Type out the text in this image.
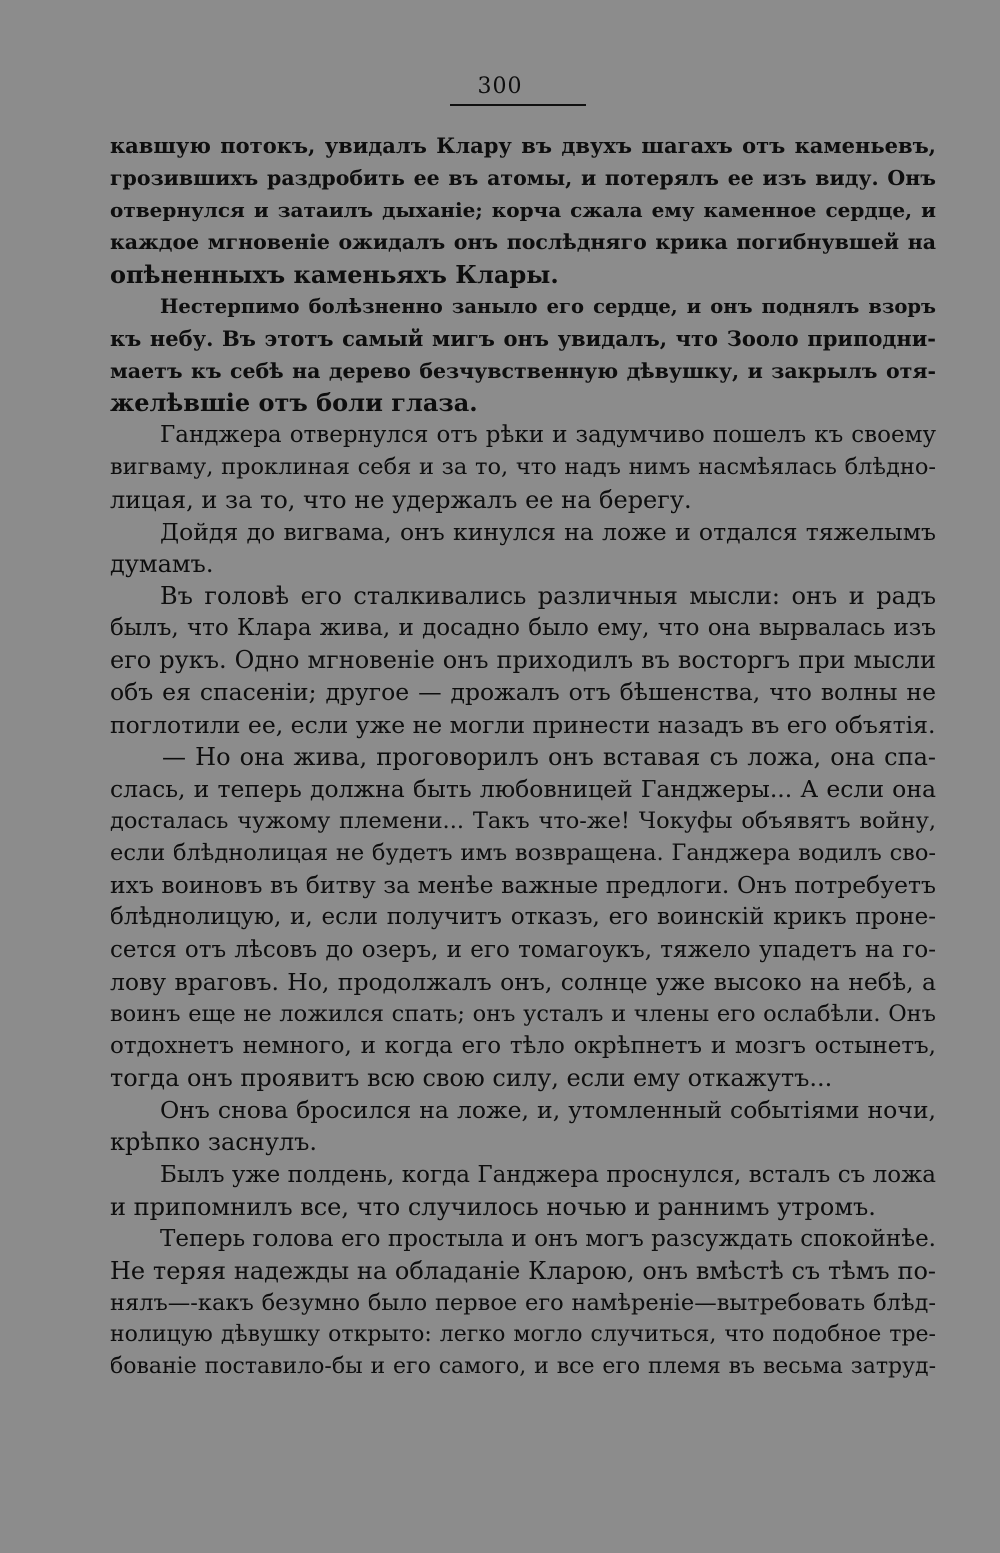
300
кавшую потокъ, увидалъ Клару въ двухъ шагахъ отъ каменьевъ,
грозившихъ раздробить ее въ атомы, и потерялъ ее изъ виду. Онъ
отвернулся и затаилъ дыханіе; корча сжала ему каменное сердце, и
каждое мгновеніе ожидалъ онъ послѣдняго крика погибнувшей на
опѣненныхъ каменьяхъ Клары.
Нестерпимо болѣзненно заныло его сердце, и онъ поднялъ взоръ
къ небу. Въ этотъ самый мигъ онъ увидалъ, что Зооло приподни-
маетъ къ себѣ на дерево безчувственную дѣвушку, и закрылъ отя-
желѣвшіе отъ боли глаза.
Ганджера отвернулся отъ рѣки и задумчиво пошелъ къ своему
вигваму, проклиная себя и за то, что надъ нимъ насмѣялась блѣдно-
лицая, и за то, что не удержалъ ее на берегу.
Дойдя до вигвама, онъ кинулся на ложе и отдался тяжелымъ
думамъ.
Въ головѣ его сталкивались различныя мысли: онъ и радъ
былъ, что Клара жива, и досадно было ему, что она вырвалась изъ
его рукъ. Одно мгновеніе онъ приходилъ въ восторгъ при мысли
объ ея спасеніи; другое — дрожалъ отъ бѣшенства, что волны не
поглотили ее, если уже не могли принести назадъ въ его объятія.
— Но она жива, проговорилъ онъ вставая съ ложа, она спа-
слась, и теперь должна быть любовницей Ганджеры... А если она
досталась чужому племени... Такъ что-же! Чокуфы объявятъ войну,
если блѣднолицая не будетъ имъ возвращена. Ганджера водилъ сво-
ихъ воиновъ въ битву за менѣе важные предлоги. Онъ потребуетъ
блѣднолицую, и, если получитъ отказъ, его воинскій крикъ проне-
сется отъ лѣсовъ до озеръ, и его томагоукъ, тяжело упадетъ на го-
лову враговъ. Но, продолжалъ онъ, солнце уже высоко на небѣ, а
воинъ еще не ложился спать; онъ усталъ и члены его ослабѣли. Онъ
отдохнетъ немного, и когда его тѣло окрѣпнетъ и мозгъ остынетъ,
тогда онъ проявитъ всю свою силу, если ему откажутъ...
Онъ снова бросился на ложе, и, утомленный событіями ночи,
крѣпко заснулъ.
Былъ уже полдень, когда Ганджера проснулся, всталъ съ ложа
и припомнилъ все, что случилось ночью и раннимъ утромъ.
Теперь голова его простыла и онъ могъ разсуждать спокойнѣе.
Не теряя надежды на обладаніе Кларою, онъ вмѣстѣ съ тѣмъ по-
нялъ—-какъ безумно было первое его намѣреніе—вытребовать блѣд-
нолицую дѣвушку открыто: легко могло случиться, что подобное тре-
бованіе поставило-бы и его самого, и все его племя въ весьма затруд-
